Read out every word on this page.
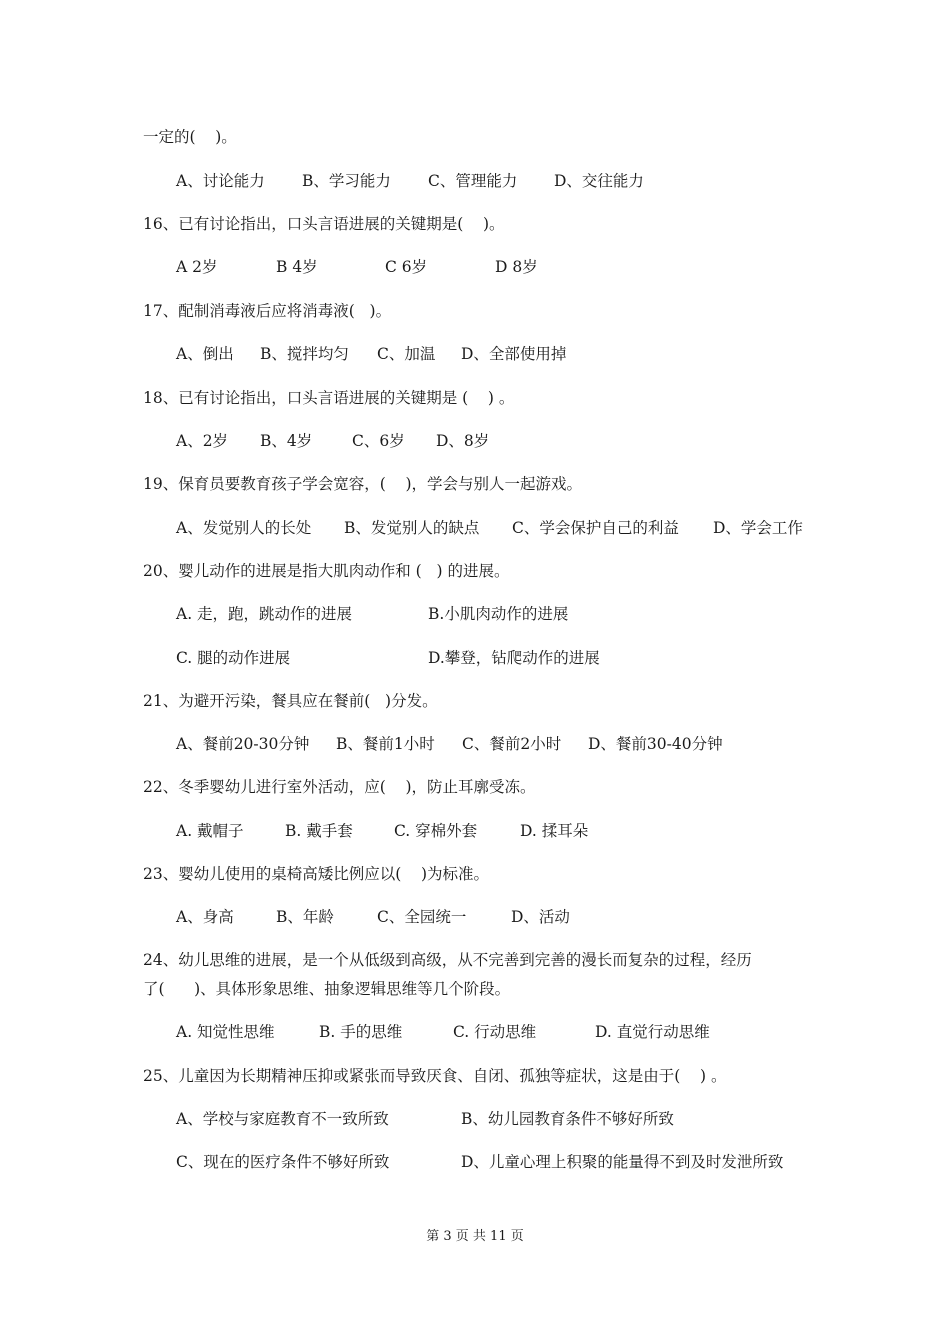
一定的(    )。

A、讨论能力

B、学习能力

C、管理能力

D、交往能力

16、已有讨论指出，口头言语进展的关键期是(    )。

A 2岁

	B 4岁

	C 6岁

	D 8岁

17、配制消毒液后应将消毒液(   )。

A、倒出

B、搅拌均匀

C、加温

D、全部使用掉

18、已有讨论指出，口头言语进展的关键期是 (    ) 。

A、2岁

B、4岁

	C、6岁

D、8岁

19、保育员要教育孩子学会宽容，(    )，学会与别人一起游戏。

A、发觉别人的长处

B、发觉别人的缺点

C、学会保护自己的利益

D、学会工作

20、婴儿动作的进展是指大肌肉动作和 (   ) 的进展。

A. 走，跑，跳动作的进展

	B.小肌肉动作的进展

C. 腿的动作进展

	D.攀登，钻爬动作的进展

21、为避开污染，餐具应在餐前(   )分发。

A、餐前20-30分钟

B、餐前1小时

C、餐前2小时

D、餐前30-40分钟

22、冬季婴幼儿进行室外活动，应(    )，防止耳廓受冻。

A. 戴帽子

	B. 戴手套

	C. 穿棉外套

	D. 揉耳朵

23、婴幼儿使用的桌椅高矮比例应以(    )为标准。

A、身高

	B、年龄

	C、全园统一

	D、活动

24、幼儿思维的进展，是一个从低级到高级，从不完善到完善的漫长而复杂的过程，经历
了(      )、具体形象思维、抽象逻辑思维等几个阶段。

A. 知觉性思维

	B. 手的思维

	C. 行动思维

	D. 直觉行动思维

25、儿童因为长期精神压抑或紧张而导致厌食、自闭、孤独等症状，这是由于(    ) 。

A、学校与家庭教育不一致所致

	B、幼儿园教育条件不够好所致

C、现在的医疗条件不够好所致

	D、儿童心理上积聚的能量得不到及时发泄所致

第 3 页 共 11 页
